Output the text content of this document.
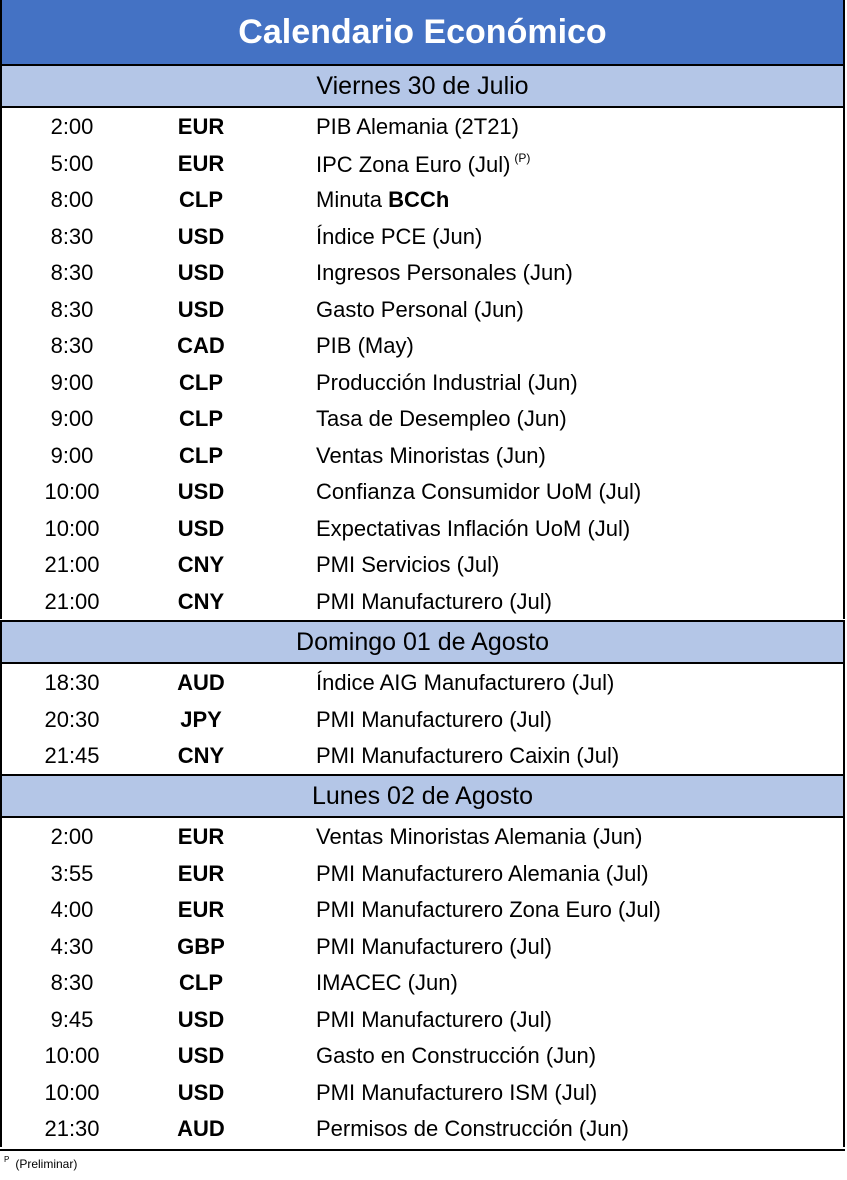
Calendario Económico
Viernes 30 de Julio
2:00	EUR	PIB Alemania (2T21)
5:00	EUR	IPC Zona Euro (Jul) $^{(P)}$
8:00	CLP	Minuta BCCh
8:30	USD	Índice PCE (Jun)
8:30	USD	Ingresos Personales (Jun)
8:30	USD	Gasto Personal (Jun)
8:30	CAD	PIB (May)
9:00	CLP	Producción Industrial (Jun)
9:00	CLP	Tasa de Desempleo (Jun)
9:00	CLP	Ventas Minoristas (Jun)
10:00	USD	Confianza Consumidor UoM (Jul)
10:00	USD	Expectativas Inflación UoM (Jul)
21:00	CNY	PMI Servicios (Jul)
21:00	CNY	PMI Manufacturero (Jul)
Domingo 01 de Agosto
18:30	AUD	Índice AIG Manufacturero (Jul)
20:30	JPY	PMI Manufacturero (Jul)
21:45	CNY	PMI Manufacturero Caixin (Jul)
Lunes 02 de Agosto
2:00	EUR	Ventas Minoristas Alemania (Jun)
3:55	EUR	PMI Manufacturero Alemania (Jul)
4:00	EUR	PMI Manufacturero Zona Euro (Jul)
4:30	GBP	PMI Manufacturero (Jul)
8:30	CLP	IMACEC (Jun)
9:45	USD	PMI Manufacturero (Jul)
10:00	USD	Gasto en Construcción (Jun)
10:00	USD	PMI Manufacturero ISM (Jul)
21:30	AUD	Permisos de Construcción (Jun)
$^P$ (Preliminar)
